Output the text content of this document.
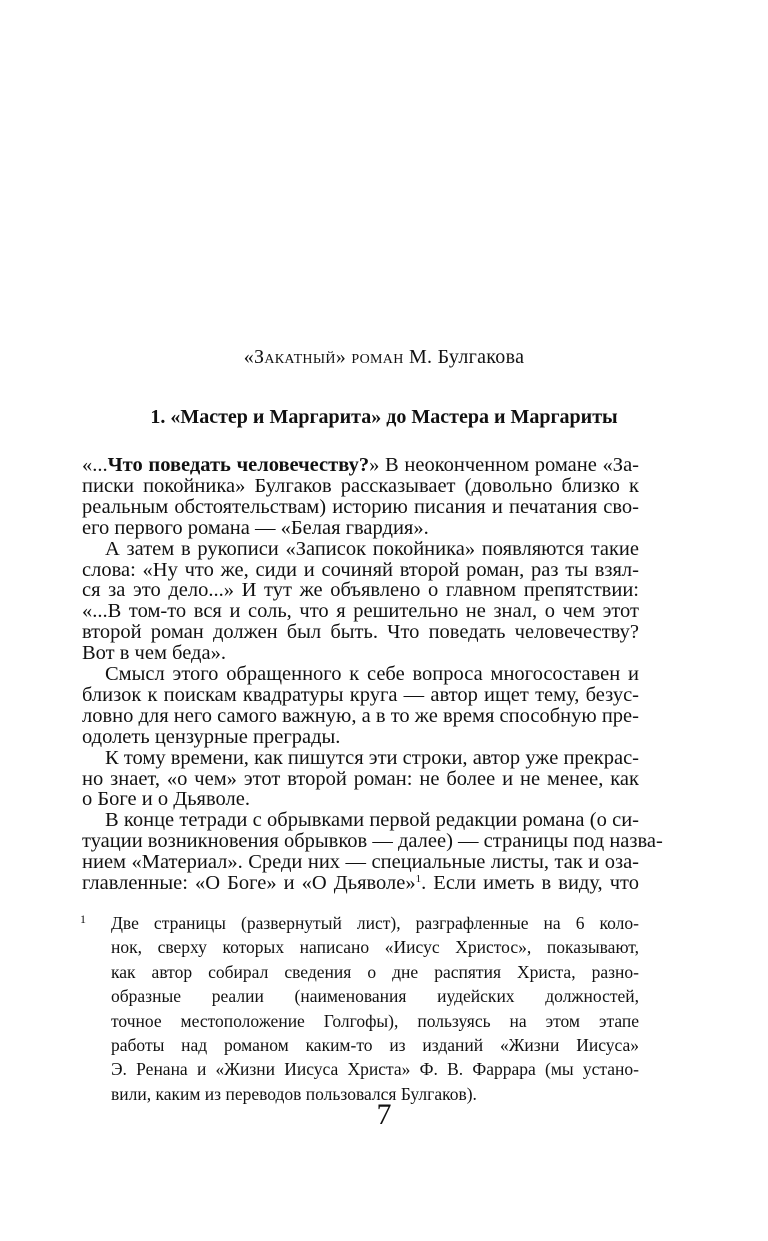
«Закатный» роман М. Булгакова
1. «Мастер и Маргарита» до Мастера и Маргариты
«...Что поведать человечеству?» В неоконченном романе «За-
писки покойника» Булгаков рассказывает (довольно близко к
реальным обстоятельствам) историю писания и печатания сво-
его первого романа — «Белая гвардия».
А затем в рукописи «Записок покойника» появляются такие
слова: «Ну что же, сиди и сочиняй второй роман, раз ты взял-
ся за это дело...» И тут же объявлено о главном препятствии:
«...В том-то вся и соль, что я решительно не знал, о чем этот
второй роман должен был быть. Что поведать человечеству?
Вот в чем беда».
Смысл этого обращенного к себе вопроса многосоставен и
близок к поискам квадратуры круга — автор ищет тему, безус-
ловно для него самого важную, а в то же время способную пре-
одолеть цензурные преграды.
К тому времени, как пишутся эти строки, автор уже прекрас-
но знает, «о чем» этот второй роман: не более и не менее, как
о Боге и о Дьяволе.
В конце тетради с обрывками первой редакции романа (о си-
туации возникновения обрывков — далее) — страницы под назва-
нием «Материал». Среди них — специальные листы, так и оза-
главленные: «О Боге» и «О Дьяволе»$^1$. Если иметь в виду, что
1 Две страницы (развернутый лист), разграфленные на 6 коло-
нок, сверху которых написано «Иисус Христос», показывают,
как автор собирал сведения о дне распятия Христа, разно-
образные реалии (наименования иудейских должностей,
точное местоположение Голгофы), пользуясь на этом этапе
работы над романом каким-то из изданий «Жизни Иисуса»
Э. Ренана и «Жизни Иисуса Христа» Ф. В. Фаррара (мы устано-
вили, каким из переводов пользовался Булгаков).
7
